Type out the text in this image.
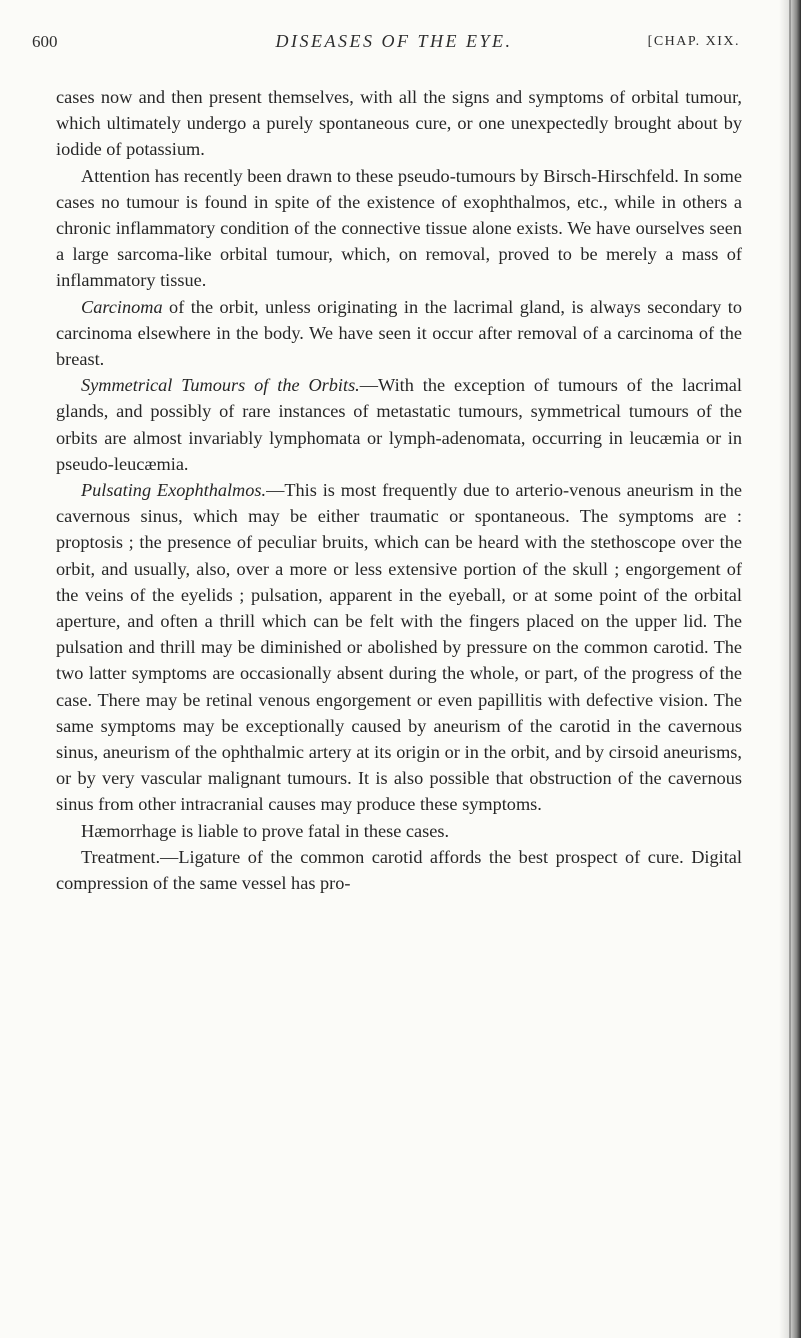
600	DISEASES OF THE EYE.	[CHAP. XIX.

cases now and then present themselves, with all the signs and symptoms of orbital tumour, which ultimately undergo a purely spontaneous cure, or one unexpectedly brought about by iodide of potassium.

Attention has recently been drawn to these pseudo-tumours by Birsch-Hirschfeld. In some cases no tumour is found in spite of the existence of exophthalmos, etc., while in others a chronic inflammatory condition of the connective tissue alone exists. We have ourselves seen a large sarcoma-like orbital tumour, which, on removal, proved to be merely a mass of inflammatory tissue.

Carcinoma of the orbit, unless originating in the lacrimal gland, is always secondary to carcinoma elsewhere in the body. We have seen it occur after removal of a carcinoma of the breast.

Symmetrical Tumours of the Orbits.—With the exception of tumours of the lacrimal glands, and possibly of rare instances of metastatic tumours, symmetrical tumours of the orbits are almost invariably lymphomata or lymph-adenomata, occurring in leucæmia or in pseudo-leucæmia.

Pulsating Exophthalmos.—This is most frequently due to arterio-venous aneurism in the cavernous sinus, which may be either traumatic or spontaneous. The symptoms are : proptosis ; the presence of peculiar bruits, which can be heard with the stethoscope over the orbit, and usually, also, over a more or less extensive portion of the skull ; engorgement of the veins of the eyelids ; pulsation, apparent in the eyeball, or at some point of the orbital aperture, and often a thrill which can be felt with the fingers placed on the upper lid. The pulsation and thrill may be diminished or abolished by pressure on the common carotid. The two latter symptoms are occasionally absent during the whole, or part, of the progress of the case. There may be retinal venous engorgement or even papillitis with defective vision. The same symptoms may be exceptionally caused by aneurism of the carotid in the cavernous sinus, aneurism of the ophthalmic artery at its origin or in the orbit, and by cirsoid aneurisms, or by very vascular malignant tumours. It is also possible that obstruction of the cavernous sinus from other intracranial causes may produce these symptoms.

Hæmorrhage is liable to prove fatal in these cases.

Treatment.—Ligature of the common carotid affords the best prospect of cure. Digital compression of the same vessel has pro-
